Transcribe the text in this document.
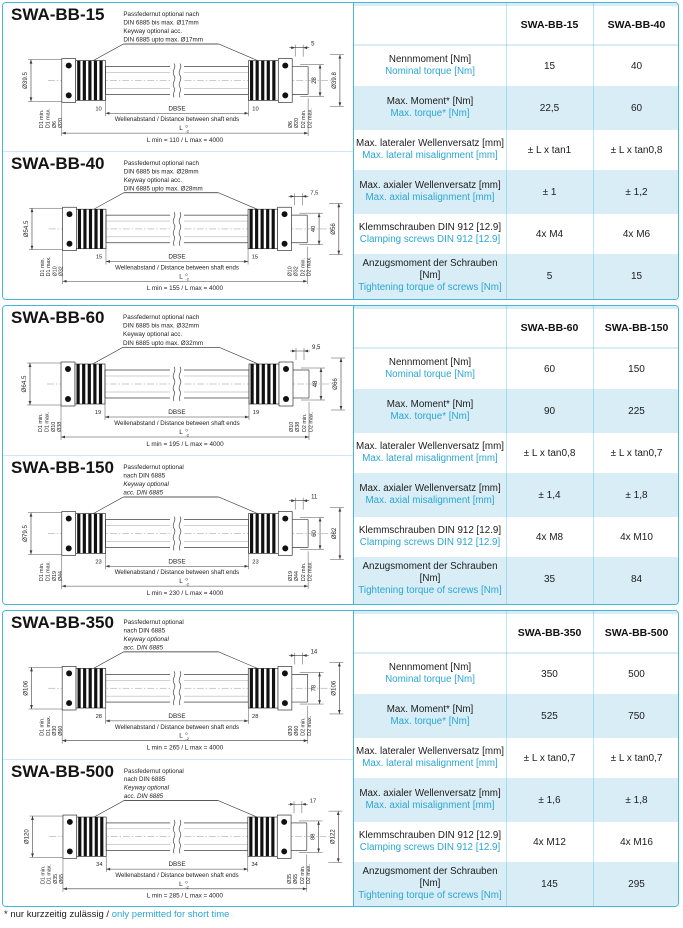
SWA-BB-15	Passfedernut optional nach
DIN 6885 bis max. Ø17mm
Keyway optional acc.
DIN 6885 upto max. Ø17mm
Ø39.5
5
28 Ø39.8
D1 min. D1 max. Ø6 Ø20	Ø6 Ø20 D2 min. D2 max.
10	10
DBSE
Wellenabstand / Distance between shaft ends
L 0
-2
L min = 110 / L max = 4000
SWA-BB-40	Passfedernut optional nach
DIN 6885 bis max. Ø28mm
Keyway optional acc.
DIN 6885 upto max. Ø28mm
Ø54.5
7,5
40 Ø56
D1 min. D1 max. Ø10 Ø32	Ø10 Ø32 D2 min. D2 max.
15	15
DBSE
Wellenabstand / Distance between shaft ends
L 0
-2
L min = 155 / L max = 4000
SWA-BB-15	SWA-BB-40
Nennmoment [Nm]
Nominal torque [Nm]	15	40
Max. Moment* [Nm]
Max. torque* [Nm]	22,5	60
Max. lateraler Wellenversatz [mm]
Max. lateral misalignment [mm]	± L x tan1	± L x tan0,8
Max. axialer Wellenversatz [mm]
Max. axial misalignment [mm]	± 1	± 1,2
Klemmschrauben DIN 912 [12.9]
Clamping screws DIN 912 [12.9]	4x M4	4x M6
Anzugsmoment der Schrauben [Nm]
Tightening torque of screws [Nm]
5	15
SWA-BB-60	Passfedernut optional nach
DIN 6885 bis max. Ø32mm
Keyway optional acc.
DIN 6885 upto max. Ø32mm
Ø64.5
9,5
48 Ø66
D1 min. D1 max. Ø10 Ø38	Ø10 Ø38 D2 min. D2 max.
19	19
DBSE
Wellenabstand / Distance between shaft ends
L 0
-2
L min = 195 / L max = 4000
SWA-BB-150 Passfedernut optional
nach DIN 6885
Keyway optional
acc. DIN 6885
Ø79.5
11
60 Ø82
D1 min. D1 max. Ø19 Ø44	Ø19 Ø44 D2 min. D2 max.
23	23
DBSE
Wellenabstand / Distance between shaft ends
L 0
-2
L min = 230 / L max = 4000
SWA-BB-60	SWA-BB-150
Nennmoment [Nm]
Nominal torque [Nm]	60	150
Max. Moment* [Nm]
Max. torque* [Nm]	90	225
Max. lateraler Wellenversatz [mm]
Max. lateral misalignment [mm]	± L x tan0,8	± L x tan0,7
Max. axialer Wellenversatz [mm]
Max. axial misalignment [mm]	± 1,4	± 1,8
Klemmschrauben DIN 912 [12.9]
Clamping screws DIN 912 [12.9]	4x M8	4x M10
Anzugsmoment der Schrauben [Nm]
Tightening torque of screws [Nm]
35	84
SWA-BB-350 Passfedernut optional
nach DIN 6885
Keyway optional
acc. DIN 6885
Ø106
14
78 Ø106
D1 min. D1 max. Ø30 Ø60	Ø30 Ø60 D2 min. D2 max.
28	28
DBSE
Wellenabstand / Distance between shaft ends
L 0
-2
L min = 265 / L max = 4000
SWA-BB-500 Passfedernut optional
nach DIN 6885
Keyway optional
acc. DIN 6885
Ø120
17
88 Ø122
D1 min. D1 max. Ø35 Ø65	Ø35 Ø65 D2 min. D2 max.
34	34
DBSE
Wellenabstand / Distance between shaft ends
L 0
-2
L min = 285 / L max = 4000
SWA-BB-350	SWA-BB-500
Nennmoment [Nm]
Nominal torque [Nm]	350	500
Max. Moment* [Nm]
Max. torque* [Nm]	525	750
Max. lateraler Wellenversatz [mm]
Max. lateral misalignment [mm]	± L x tan0,7	± L x tan0,7
Max. axialer Wellenversatz [mm]
Max. axial misalignment [mm]	± 1,6	± 1,8
Klemmschrauben DIN 912 [12.9]
Clamping screws DIN 912 [12.9]	4x M12	4x M16
Anzugsmoment der Schrauben [Nm]
Tightening torque of screws [Nm]
145	295
* nur kurzzeitig zulässig / only permitted for short time
